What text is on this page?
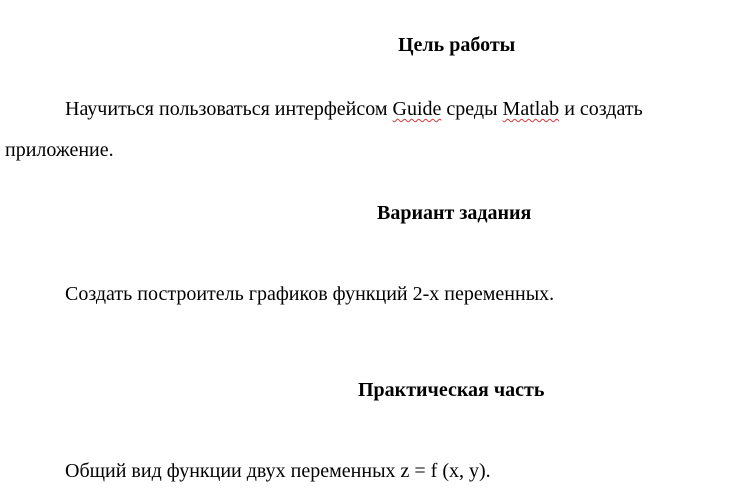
Цель работы
Научиться пользоваться интерфейсом Guide среды Matlab и создать
приложение.
Вариант задания
Создать построитель графиков функций 2-х переменных.
Практическая часть
Общий вид функции двух переменных z = f (x, y).
